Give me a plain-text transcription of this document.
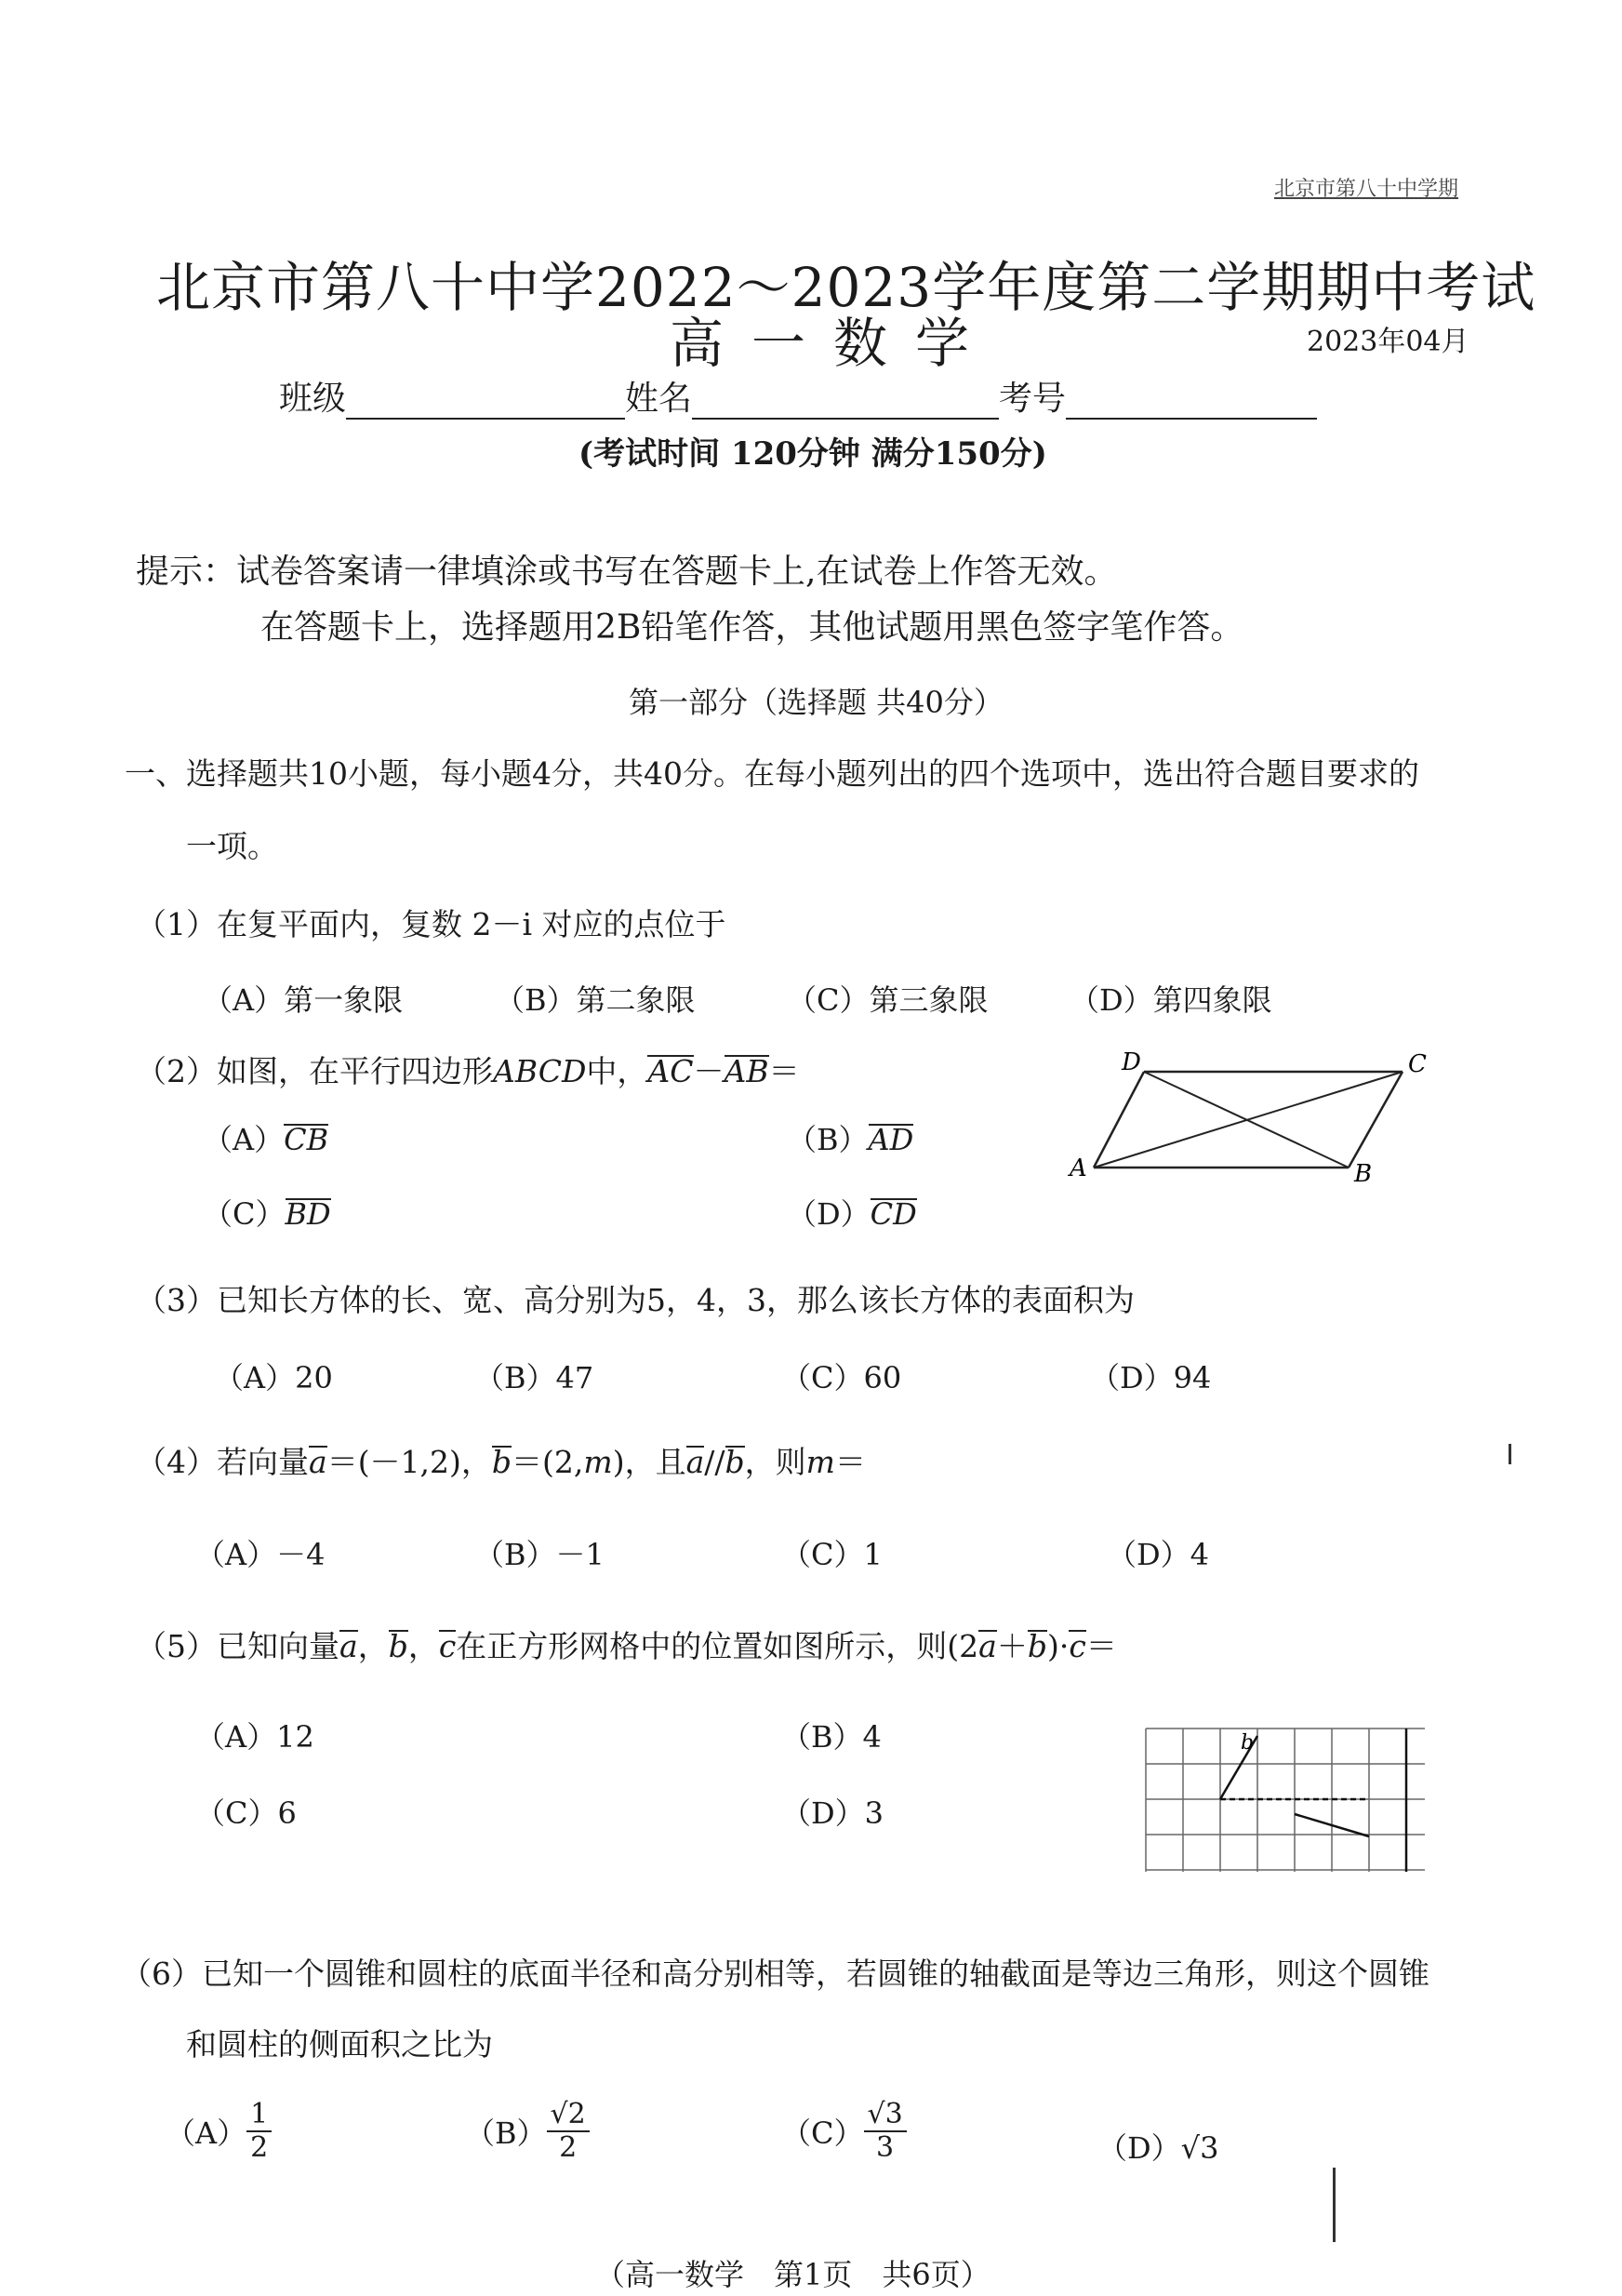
北京市第八十中学期
北京市第八十中学2022～2023学年度第二学期期中考试
高一数学	2023年04月
班级	姓名	考号
(考试时间 120分钟 满分150分)
提示：试卷答案请一律填涂或书写在答题卡上,在试卷上作答无效。
在答题卡上，选择题用2B铅笔作答，其他试题用黑色签字笔作答。
第一部分（选择题 共40分）
一、选择题共10小题，每小题4分，共40分。在每小题列出的四个选项中，选出符合题目要求的
一项。
（1）在复平面内，复数 2－i 对应的点位于
（A）第一象限	（B）第二象限	（C）第三象限	（D）第四象限
（2）如图，在平行四边形ABCD中，AC－AB＝
（A）CB	（B）AD
（C）BD	（D）CD
A	B
C
D
（3）已知长方体的长、宽、高分别为5，4，3，那么该长方体的表面积为
（A）20	（B）47	（C）60	（D）94
（4）若向量a＝(－1,2)，b＝(2,m)，且a//b，则m＝
（A）－4	（B）－1	（C）1	（D）4
（5）已知向量a，b，c在正方形网格中的位置如图所示，则(2a＋b)·c＝
（A）12	（B）4
（C）6	（D）3
b
（6）已知一个圆锥和圆柱的底面半径和高分别相等，若圆锥的轴截面是等边三角形，则这个圆锥
和圆柱的侧面积之比为
$(A) \frac{1}{2}$	$(B) \frac{√2}{2}$	$(C) \frac{√3}{3}$	（D）√3
（高一数学　第1页　共6页）
